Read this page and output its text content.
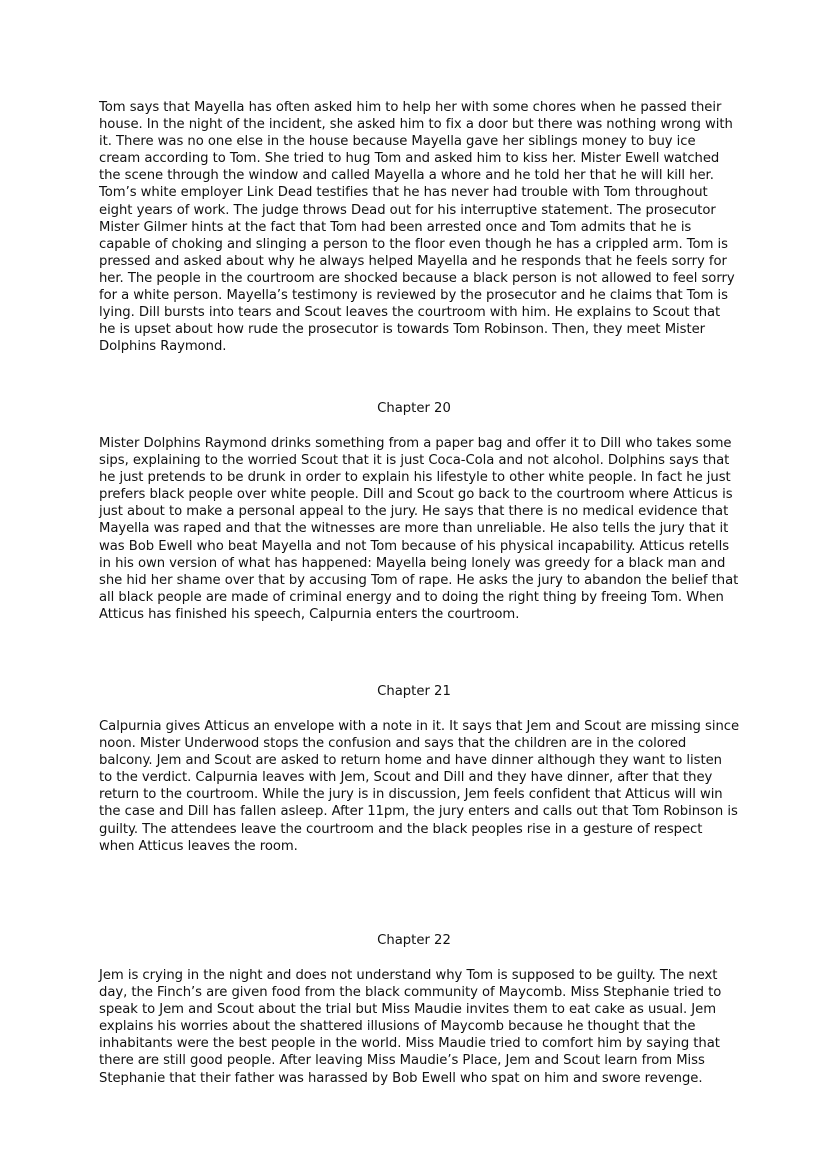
Tom says that Mayella has often asked him to help her with some chores when he passed their house. In the night of the incident, she asked him to fix a door but there was nothing wrong with it. There was no one else in the house because Mayella gave her siblings money to buy ice cream according to Tom. She tried to hug Tom and asked him to kiss her. Mister Ewell watched the scene through the window and called Mayella a whore and he told her that he will kill her. Tom’s white employer Link Dead testifies that he has never had trouble with Tom throughout eight years of work. The judge throws Dead out for his interruptive statement. The prosecutor Mister Gilmer hints at the fact that Tom had been arrested once and Tom admits that he is capable of choking and slinging a person to the floor even though he has a crippled arm. Tom is pressed and asked about why he always helped Mayella and he responds that he feels sorry for her. The people in the courtroom are shocked because a black person is not allowed to feel sorry for a white person. Mayella’s testimony is reviewed by the prosecutor and he claims that Tom is lying. Dill bursts into tears and Scout leaves the courtroom with him. He explains to Scout that he is upset about how rude the prosecutor is towards Tom Robinson. Then, they meet Mister Dolphins Raymond.

Chapter 20

Mister Dolphins Raymond drinks something from a paper bag and offer it to Dill who takes some sips, explaining to the worried Scout that it is just Coca-Cola and not alcohol. Dolphins says that he just pretends to be drunk in order to explain his lifestyle to other white people. In fact he just prefers black people over white people. Dill and Scout go back to the courtroom where Atticus is just about to make a personal appeal to the jury. He says that there is no medical evidence that Mayella was raped and that the witnesses are more than unreliable. He also tells the jury that it was Bob Ewell who beat Mayella and not Tom because of his physical incapability. Atticus retells in his own version of what has happened: Mayella being lonely was greedy for a black man and she hid her shame over that by accusing Tom of rape. He asks the jury to abandon the belief that all black people are made of criminal energy and to doing the right thing by freeing Tom. When Atticus has finished his speech, Calpurnia enters the courtroom.

Chapter 21

Calpurnia gives Atticus an envelope with a note in it. It says that Jem and Scout are missing since noon. Mister Underwood stops the confusion and says that the children are in the colored balcony. Jem and Scout are asked to return home and have dinner although they want to listen to the verdict. Calpurnia leaves with Jem, Scout and Dill and they have dinner, after that they return to the courtroom. While the jury is in discussion, Jem feels confident that Atticus will win the case and Dill has fallen asleep. After 11pm, the jury enters and calls out that Tom Robinson is guilty. The attendees leave the courtroom and the black peoples rise in a gesture of respect when Atticus leaves the room.

Chapter 22

Jem is crying in the night and does not understand why Tom is supposed to be guilty. The next day, the Finch’s are given food from the black community of Maycomb. Miss Stephanie tried to speak to Jem and Scout about the trial but Miss Maudie invites them to eat cake as usual. Jem explains his worries about the shattered illusions of Maycomb because he thought that the inhabitants were the best people in the world. Miss Maudie tried to comfort him by saying that there are still good people. After leaving Miss Maudie’s Place, Jem and Scout learn from Miss Stephanie that their father was harassed by Bob Ewell who spat on him and swore revenge.
